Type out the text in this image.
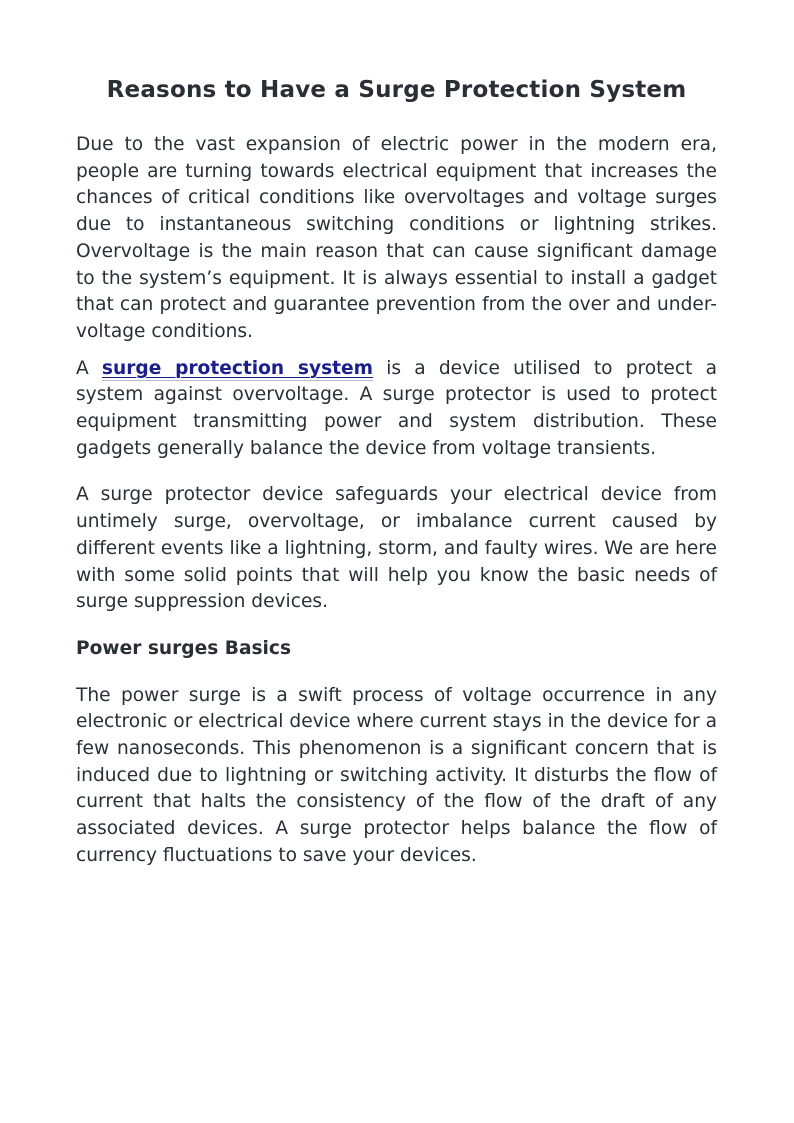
Reasons to Have a Surge Protection System

Due to the vast expansion of electric power in the modern era, people are turning towards electrical equipment that increases the chances of critical conditions like overvoltages and voltage surges due to instantaneous switching conditions or lightning strikes. Overvoltage is the main reason that can cause significant damage to the system’s equipment. It is always essential to install a gadget that can protect and guarantee prevention from the over and under-voltage conditions.

A surge protection system is a device utilised to protect a system against overvoltage. A surge protector is used to protect equipment transmitting power and system distribution. These gadgets generally balance the device from voltage transients.

A surge protector device safeguards your electrical device from untimely surge, overvoltage, or imbalance current caused by different events like a lightning, storm, and faulty wires. We are here with some solid points that will help you know the basic needs of surge suppression devices.

Power surges Basics

The power surge is a swift process of voltage occurrence in any electronic or electrical device where current stays in the device for a few nanoseconds. This phenomenon is a significant concern that is induced due to lightning or switching activity. It disturbs the flow of current that halts the consistency of the flow of the draft of any associated devices. A surge protector helps balance the flow of currency fluctuations to save your devices.
